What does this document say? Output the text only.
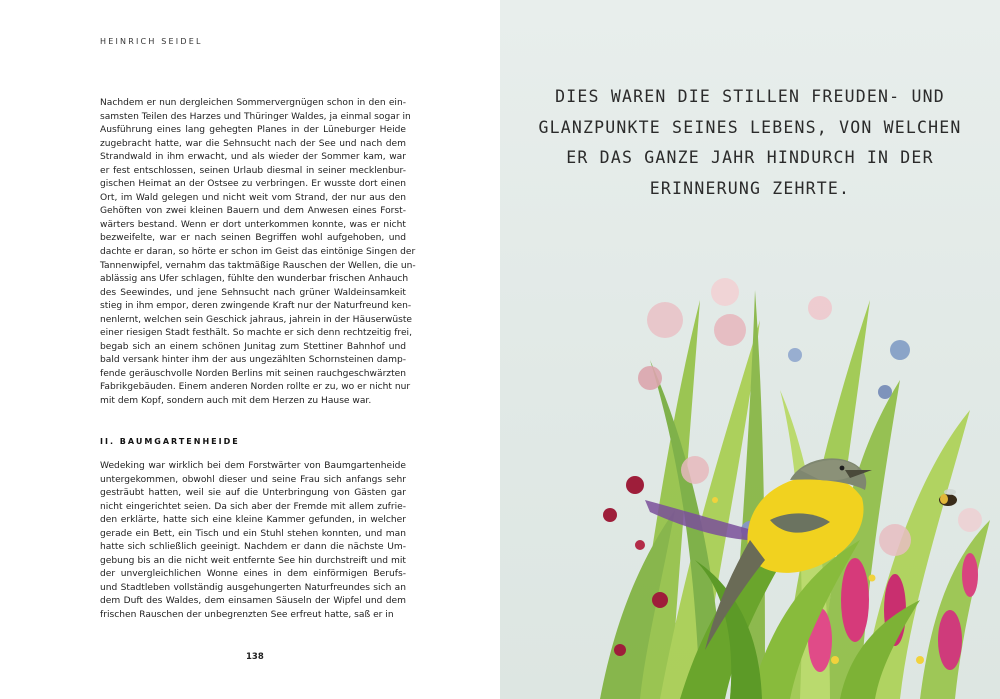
HEINRICH SEIDEL
Nachdem er nun dergleichen Sommervergnügen schon in den ein-
samsten Teilen des Harzes und Thüringer Waldes, ja einmal sogar in
Ausführung eines lang gehegten Planes in der Lüneburger Heide
zugebracht hatte, war die Sehnsucht nach der See und nach dem
Strandwald in ihm erwacht, und als wieder der Sommer kam, war
er fest entschlossen, seinen Urlaub diesmal in seiner mecklenbur-
gischen Heimat an der Ostsee zu verbringen. Er wusste dort einen
Ort, im Wald gelegen und nicht weit vom Strand, der nur aus den
Gehöften von zwei kleinen Bauern und dem Anwesen eines Forst-
wärters bestand. Wenn er dort unterkommen konnte, was er nicht
bezweifelte, war er nach seinen Begriffen wohl aufgehoben, und
dachte er daran, so hörte er schon im Geist das eintönige Singen der
Tannenwipfel, vernahm das taktmäßige Rauschen der Wellen, die un-
ablässig ans Ufer schlagen, fühlte den wunderbar frischen Anhauch
des Seewindes, und jene Sehnsucht nach grüner Waldeinsamkeit
stieg in ihm empor, deren zwingende Kraft nur der Naturfreund ken-
nenlernt, welchen sein Geschick jahraus, jahrein in der Häuserwüste
einer riesigen Stadt festhält. So machte er sich denn rechtzeitig frei,
begab sich an einem schönen Junitag zum Stettiner Bahnhof und
bald versank hinter ihm der aus ungezählten Schornsteinen damp-
fende geräuschvolle Norden Berlins mit seinen rauchgeschwärzten
Fabrikgebäuden. Einem anderen Norden rollte er zu, wo er nicht nur
mit dem Kopf, sondern auch mit dem Herzen zu Hause war.
II. BAUMGARTENHEIDE
Wedeking war wirklich bei dem Forstwärter von Baumgartenheide
untergekommen, obwohl dieser und seine Frau sich anfangs sehr
gesträubt hatten, weil sie auf die Unterbringung von Gästen gar
nicht eingerichtet seien. Da sich aber der Fremde mit allem zufrie-
den erklärte, hatte sich eine kleine Kammer gefunden, in welcher
gerade ein Bett, ein Tisch und ein Stuhl stehen konnten, und man
hatte sich schließlich geeinigt. Nachdem er dann die nächste Um-
gebung bis an die nicht weit entfernte See hin durchstreift und mit
der unvergleichlichen Wonne eines in dem einförmigen Berufs-
und Stadtleben vollständig ausgehungerten Naturfreundes sich an
dem Duft des Waldes, dem einsamen Säuseln der Wipfel und dem
frischen Rauschen der unbegrenzten See erfreut hatte, saß er in
138
DIES WAREN DIE STILLEN FREUDEN- UND
GLANZPUNKTE SEINES LEBENS, VON WELCHEN
ER DAS GANZE JAHR HINDURCH IN DER
ERINNERUNG ZEHRTE.
